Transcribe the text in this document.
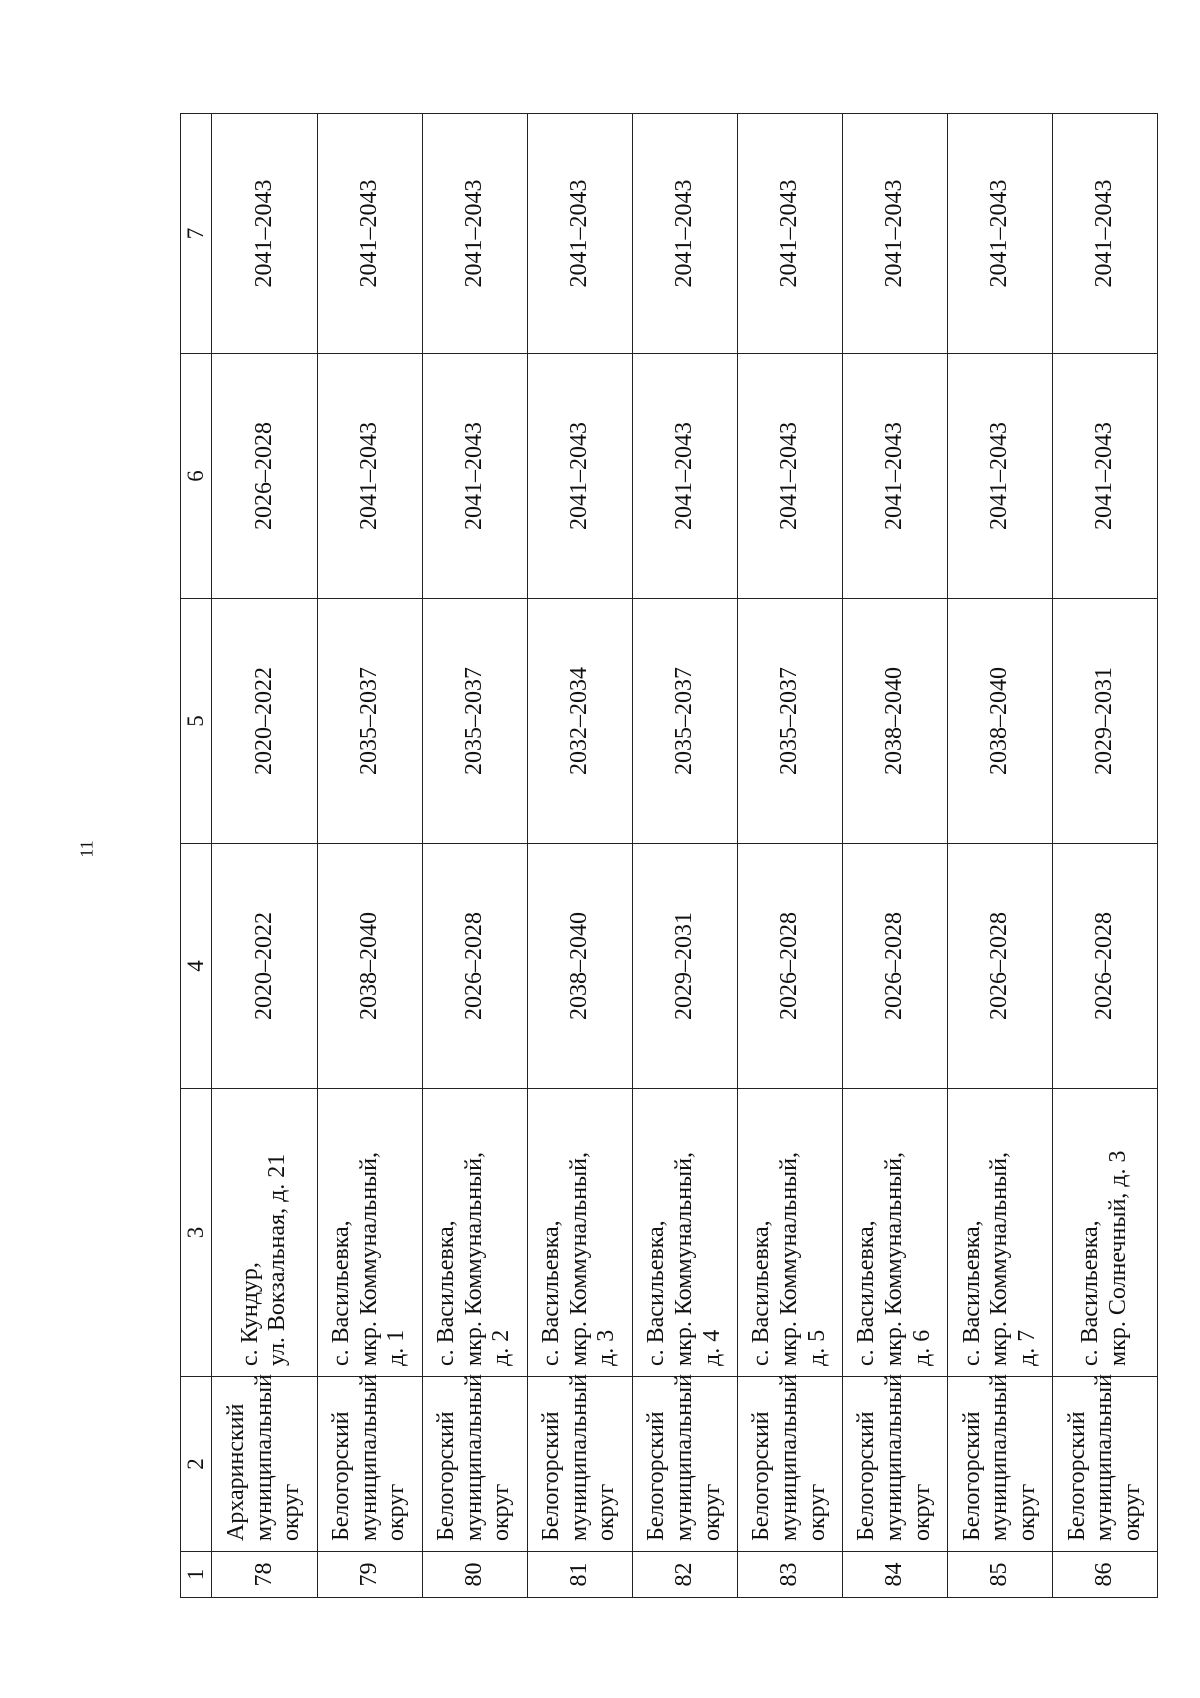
11
1	2	3	4	5	6	7
78	Архаринский муниципальный округ	с. Кундур,
ул. Вокзальная, д. 21	2020–2022	2020–2022	2026–2028	2041–2043
79	Белогорский муниципальный округ	с. Васильевка,
мкр. Коммунальный,
д. 1	2038–2040	2035–2037	2041–2043	2041–2043
80	Белогорский муниципальный округ	с. Васильевка,
мкр. Коммунальный,
д. 2	2026–2028	2035–2037	2041–2043	2041–2043
81	Белогорский муниципальный округ	с. Васильевка,
мкр. Коммунальный,
д. 3	2038–2040	2032–2034	2041–2043	2041–2043
82	Белогорский муниципальный округ	с. Васильевка,
мкр. Коммунальный,
д. 4	2029–2031	2035–2037	2041–2043	2041–2043
83	Белогорский муниципальный округ	с. Васильевка,
мкр. Коммунальный,
д. 5	2026–2028	2035–2037	2041–2043	2041–2043
84	Белогорский муниципальный округ	с. Васильевка,
мкр. Коммунальный,
д. 6	2026–2028	2038–2040	2041–2043	2041–2043
85	Белогорский муниципальный округ	с. Васильевка,
мкр. Коммунальный,
д. 7	2026–2028	2038–2040	2041–2043	2041–2043
86	Белогорский муниципальный округ	с. Васильевка,
мкр. Солнечный, д. 3	2026–2028	2029–2031	2041–2043	2041–2043
